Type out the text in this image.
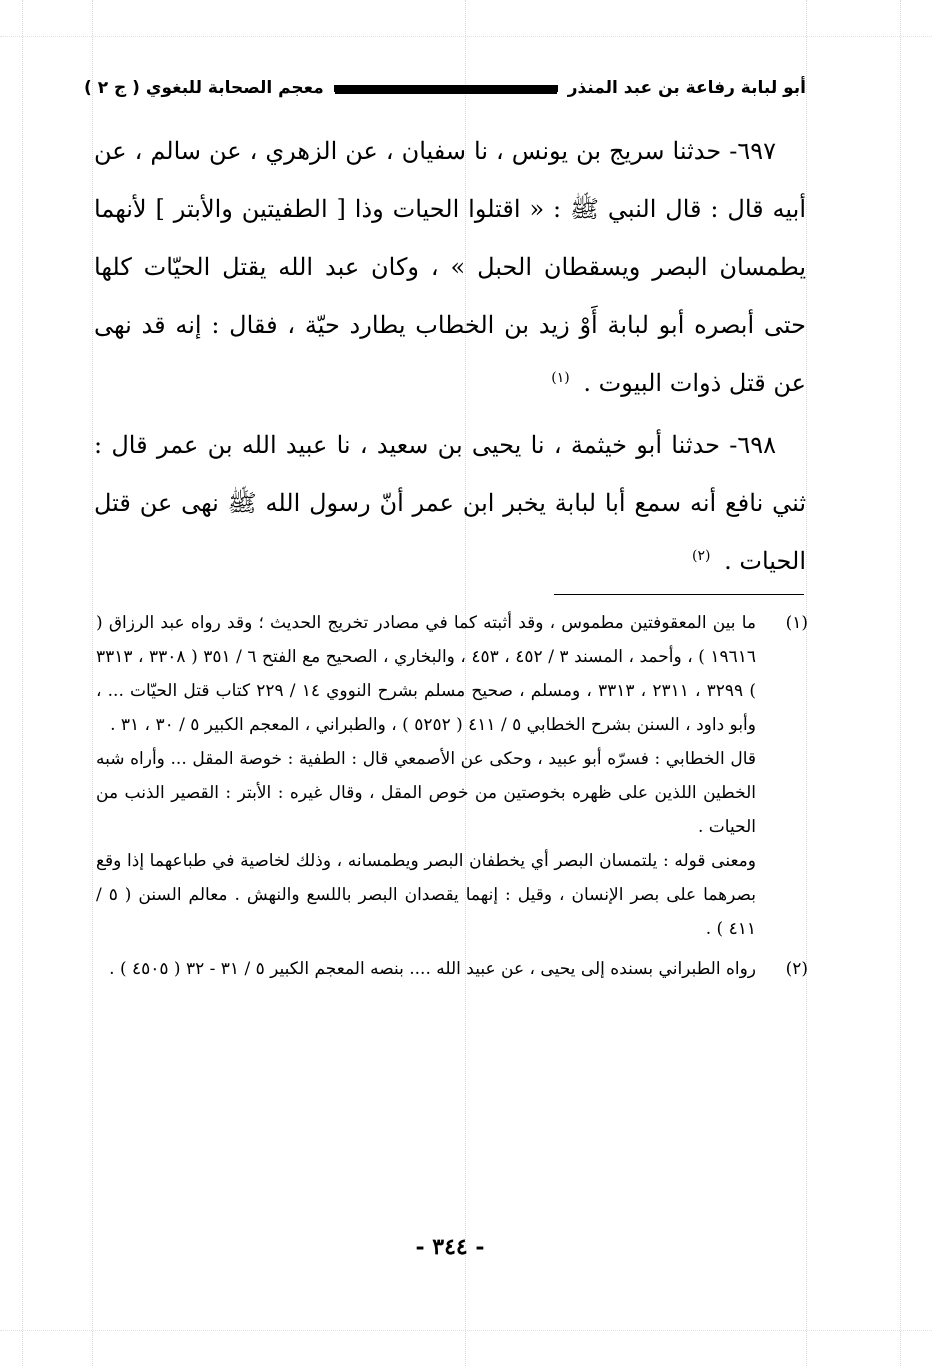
أبو لبابة رفاعة بن عبد المنذر
معجم الصحابة للبغوي ( ج ٢ )

٦٩٧- حدثنا سريج بن يونس ، نا سفيان ، عن الزهري ، عن سالم ، عن أبيه قال : قال النبي ﷺ : « اقتلوا الحيات وذا [ الطفيتين والأبتر ] لأنهما يطمسان البصر ويسقطان الحبل » ، وكان عبد الله يقتل الحيّات كلها حتى أبصره أبو لبابة أَوْ زيد بن الخطاب يطارد حيّة ، فقال : إنه قد نهى عن قتل ذوات البيوت . $^{(١)}$

٦٩٨- حدثنا أبو خيثمة ، نا يحيى بن سعيد ، نا عبيد الله بن عمر قال : ثني نافع أنه سمع أبا لبابة يخبر ابن عمر أنّ رسول الله ﷺ نهى عن قتل الحيات . $^{(٢)}$

(١)

ما بين المعقوفتين مطموس ، وقد أثبته كما في مصادر تخريج الحديث ؛ وقد رواه عبد الرزاق ( ١٩٦١٦ ) ، وأحمد ، المسند ٣ / ٤٥٢ ، ٤٥٣ ، والبخاري ، الصحيح مع الفتح ٦ / ٣٥١ ( ٣٣٠٨ ، ٣٣١٣ ) ٣٢٩٩ ، ٢٣١١ ، ٣٣١٣ ، ومسلم ، صحيح مسلم بشرح النووي ١٤ / ٢٢٩ كتاب قتل الحيّات ... ، وأبو داود ، السنن بشرح الخطابي ٥ / ٤١١ ( ٥٢٥٢ ) ، والطبراني ، المعجم الكبير ٥ / ٣٠ ، ٣١ .

قال الخطابي : فسرّه أبو عبيد ، وحكى عن الأصمعي قال : الطفية : خوصة المقل ... وأراه شبه الخطين اللذين على ظهره بخوصتين من خوص المقل ، وقال غيره : الأبتر : القصير الذنب من الحيات .

ومعنى قوله : يلتمسان البصر أي يخطفان البصر ويطمسانه ، وذلك لخاصية في طباعهما إذا وقع بصرهما على بصر الإنسان ، وقيل : إنهما يقصدان البصر باللسع والنهش . معالم السنن ( ٥ / ٤١١ ) .

(٢)

رواه الطبراني بسنده إلى يحيى ، عن عبيد الله .... بنصه المعجم الكبير ٥ / ٣١ - ٣٢ ( ٤٥٠٥ ) .

- ٣٤٤ -
